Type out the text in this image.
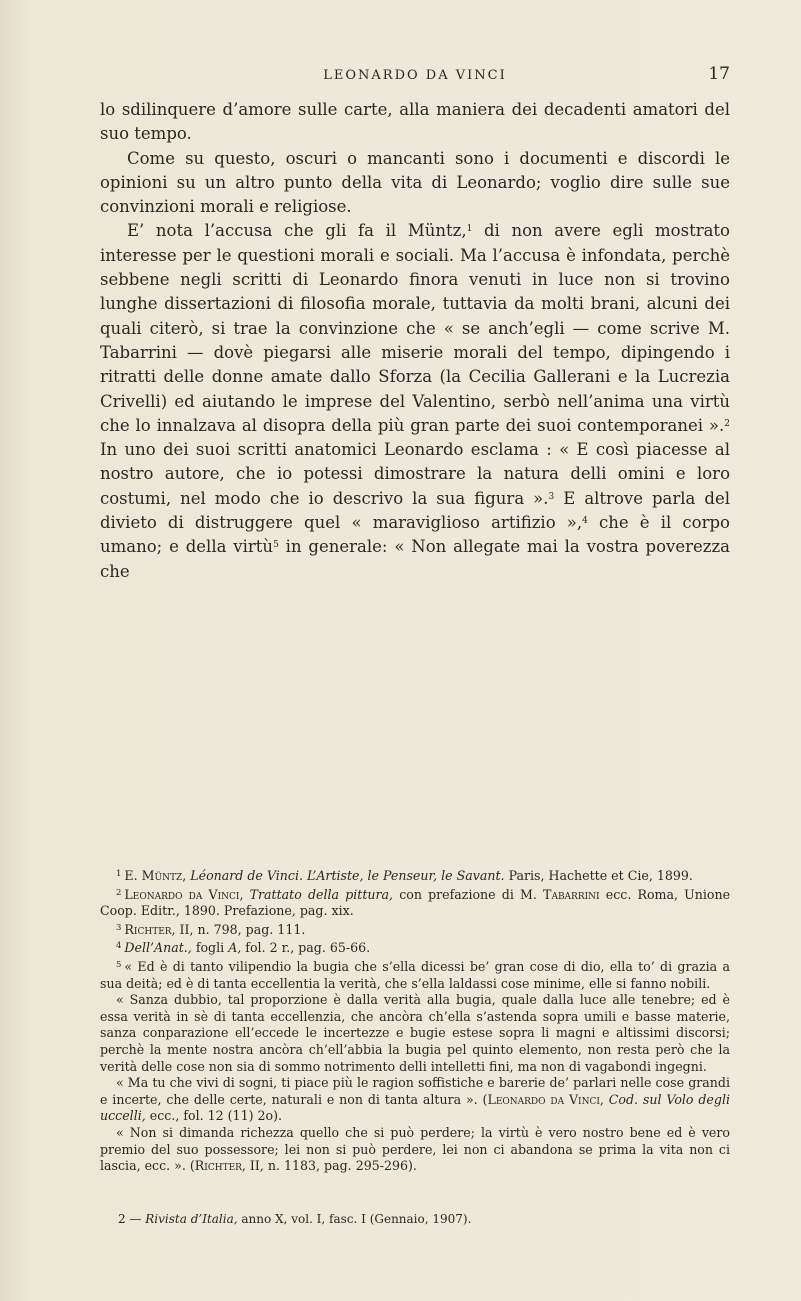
LEONARDO DA VINCI	17

lo sdilinquere d’amore sulle carte, alla maniera dei decadenti amatori del suo tempo.

Come su questo, oscuri o mancanti sono i documenti e discordi le opinioni su un altro punto della vita di Leonardo; voglio dire sulle sue convinzioni morali e religiose.

E’ nota l’accusa che gli fa il Müntz,$^1$ di non avere egli mostrato interesse per le questioni morali e sociali. Ma l’accusa è infondata, perchè sebbene negli scritti di Leonardo finora venuti in luce non si trovino lunghe dissertazioni di filosofia morale, tuttavia da molti brani, alcuni dei quali citerò, si trae la convinzione che « se anch’egli — come scrive M. Tabarrini — dovè piegarsi alle miserie morali del tempo, dipingendo i ritratti delle donne amate dallo Sforza (la Cecilia Gallerani e la Lucrezia Crivelli) ed aiutando le imprese del Valentino, serbò nell’anima una virtù che lo innalzava al disopra della più gran parte dei suoi contemporanei ».$^2$ In uno dei suoi scritti anatomici Leonardo esclama : « E così piacesse al nostro autore, che io potessi dimostrare la natura delli omini e loro costumi, nel modo che io descrivo la sua figura ».$^3$ E altrove parla del divieto di distruggere quel « maraviglioso artifizio »,$^4$ che è il corpo umano; e della virtù$^5$ in generale: « Non allegate mai la vostra poverezza che

$^1$ E. Müntz, Léonard de Vinci. L’Artiste, le Penseur, le Savant. Paris, Hachette et Cie, 1899.

$^2$ Leonardo da Vinci, Trattato della pittura, con prefazione di M. Tabarrini ecc. Roma, Unione Coop. Editr., 1890. Prefazione, pag. xix.

$^3$ Richter, II, n. 798, pag. 111.

$^4$ Dell’Anat., fogli A, fol. 2 r., pag. 65-66.

$^5$ « Ed è di tanto vilipendio la bugia che s’ella dicessi be’ gran cose di dio, ella to’ di grazia a sua deità; ed è di tanta eccellentia la verità, che s’ella laldassi cose minime, elle si fanno nobili.

« Sanza dubbio, tal proporzione è dalla verità alla bugia, quale dalla luce alle tenebre; ed è essa verità in sè di tanta eccellenzia, che ancòra ch’ella s’astenda sopra umili e basse materie, sanza conparazione ell’eccede le incertezze e bugie estese sopra li magni e altissimi discorsi; perchè la mente nostra ancòra ch’ell’abbia la bugia pel quinto elemento, non resta però che la verità delle cose non sia di sommo notrimento delli intelletti fini, ma non di vagabondi ingegni.

« Ma tu che vivi di sogni, ti piace più le ragion soffistiche e barerie de’ parlari nelle cose grandi e incerte, che delle certe, naturali e non di tanta altura ». (Leonardo da Vinci, Cod. sul Volo degli uccelli, ecc., fol. 12 (11) 2o).

« Non si dimanda richezza quello che si può perdere; la virtù è vero nostro bene ed è vero premio del suo possessore; lei non si può perdere, lei non ci abandona se prima la vita non ci lascia, ecc. ». (Richter, II, n. 1183, pag. 295-296).

2 — Rivista d’Italia, anno X, vol. I, fasc. I (Gennaio, 1907).
